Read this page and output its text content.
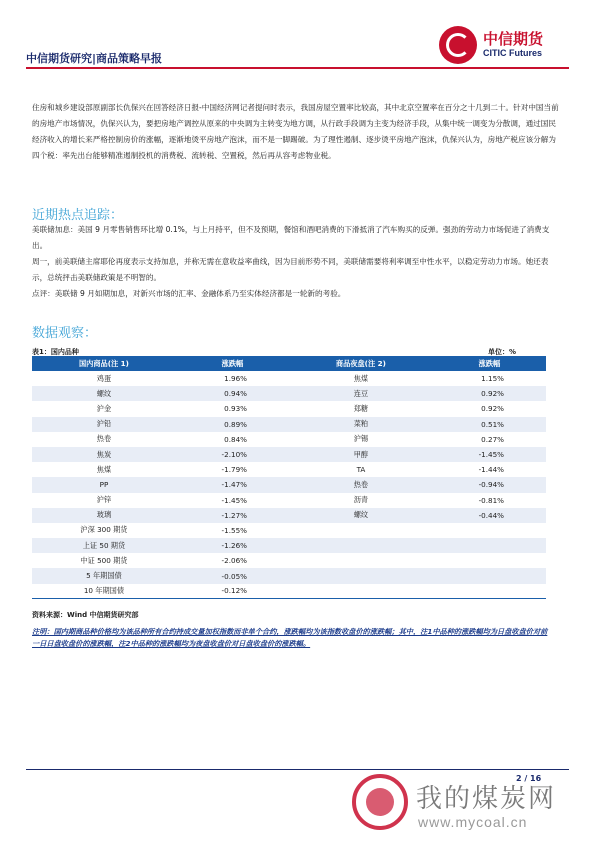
中信期货研究|商品策略早报
中信期货
CITIC Futures
住房和城乡建设部原副部长仇保兴在回答经济日报-中国经济网记者提问时表示，我国房屋空置率比较高，其中北京空置率在百分之十几到二十。针对中国当前的房地产市场情况，仇保兴认为，要把房地产调控从原来的中央调为主转变为地方调，从行政手段调为主变为经济手段，从集中统一调变为分散调，通过国民经济收入的增长来严格控制房价的涨幅，逐渐地烫平房地产泡沫，而不是一脚踢破。为了理性遏制、逐步烫平房地产泡沫，仇保兴认为，房地产税应该分解为四个税：率先出台能够精准遏制投机的消费税、流转税、空置税，然后再从容考虑物业税。
近期热点追踪：
美联储加息：美国 9 月零售销售环比增 0.1%，与上月持平，但不及预期，餐馆和酒吧消费的下滑抵消了汽车购买的反弹。强劲的劳动力市场促进了消费支出。
周一，前美联储主席耶伦再度表示支持加息，并称无需在意收益率曲线，因为目前形势不同，美联储需要将利率调至中性水平，以稳定劳动力市场。她还表示，总统抨击美联储政策是不明智的。
点评：美联储 9 月如期加息，对新兴市场的汇率、金融体系乃至实体经济都是一轮新的考验。
数据观察：
表1：国内品种	单位：%
国内商品(注 1)	涨跌幅	商品夜盘(注 2)	涨跌幅
鸡蛋	1.96%	焦煤	1.15%
螺纹	0.94%	连豆	0.92%
沪金	0.93%	郑糖	0.92%
沪铅	0.89%	菜粕	0.51%
热卷	0.84%	沪锡	0.27%
焦炭	-2.10%	甲醇	-1.45%
焦煤	-1.79%	TA	-1.44%
PP	-1.47%	热卷	-0.94%
沪锌	-1.45%	沥青	-0.81%
玻璃	-1.27%	螺纹	-0.44%
沪深 300 期货	-1.55%		
上证 50 期货	-1.26%		
中证 500 期货	-2.06%		
5 年期国债	-0.05%		
10 年期国债	-0.12%		
资料来源：Wind 中信期货研究部
注明：国内期商品种价格均为该品种所有合约持成交量加权指数而非单个合约，涨跌幅均为该指数收盘价的涨跌幅；其中，注1中品种的涨跌幅均为日盘收盘价对前一日日盘收盘价的涨跌幅，注2中品种的涨跌幅均为夜盘收盘价对日盘收盘价的涨跌幅。
2 / 16
我的煤炭网
www.mycoal.cn
